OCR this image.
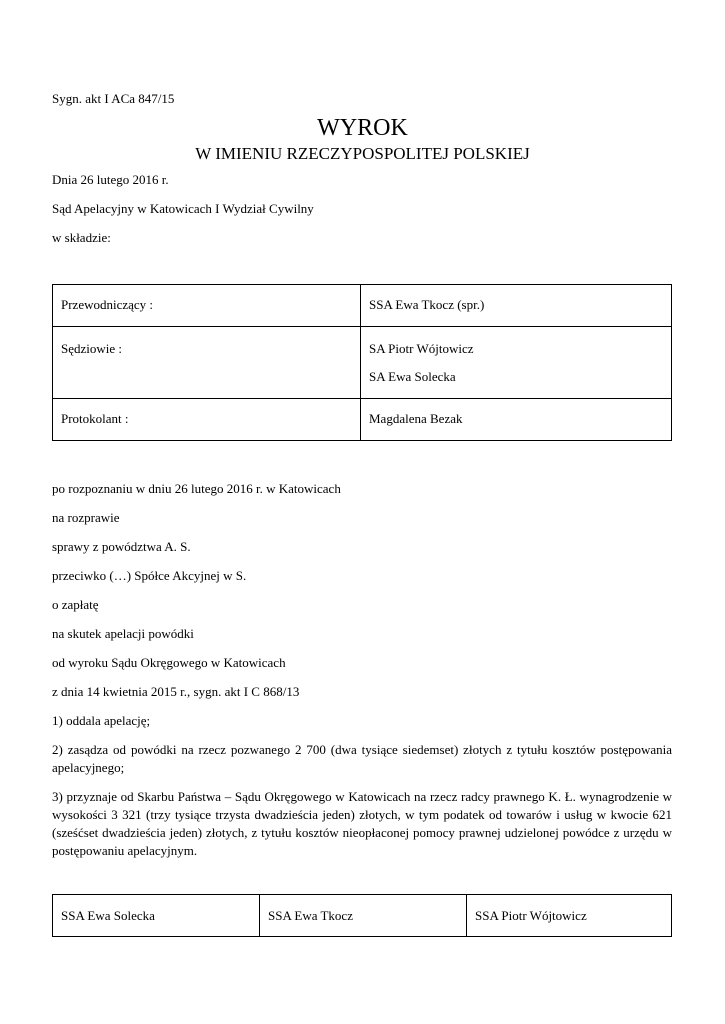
Sygn. akt I ACa 847/15
WYROK
W IMIENIU RZECZYPOSPOLITEJ POLSKIEJ
Dnia 26 lutego 2016 r.
Sąd Apelacyjny w Katowicach I Wydział Cywilny
w składzie:
Przewodniczący :	SSA Ewa Tkocz (spr.)
Sędziowie :	SA Piotr Wójtowicz
SA Ewa Solecka

Protokolant :	Magdalena Bezak
po rozpoznaniu w dniu 26 lutego 2016 r. w Katowicach
na rozprawie
sprawy z powództwa A. S.
przeciwko (…) Spółce Akcyjnej w S.
o zapłatę
na skutek apelacji powódki
od wyroku Sądu Okręgowego w Katowicach
z dnia 14 kwietnia 2015 r., sygn. akt I C 868/13
1) oddala apelację;
2) zasądza od powódki na rzecz pozwanego 2 700 (dwa tysiące siedemset) złotych z tytułu kosztów postępowania apelacyjnego;
3) przyznaje od Skarbu Państwa – Sądu Okręgowego w Katowicach na rzecz radcy prawnego K. Ł. wynagrodzenie w wysokości 3 321 (trzy tysiące trzysta dwadzieścia jeden) złotych, w tym podatek od towarów i usług w kwocie 621 (sześćset dwadzieścia jeden) złotych, z tytułu kosztów nieopłaconej pomocy prawnej udzielonej powódce z urzędu w postępowaniu apelacyjnym.
SSA Ewa Solecka	SSA Ewa Tkocz	SSA Piotr Wójtowicz
